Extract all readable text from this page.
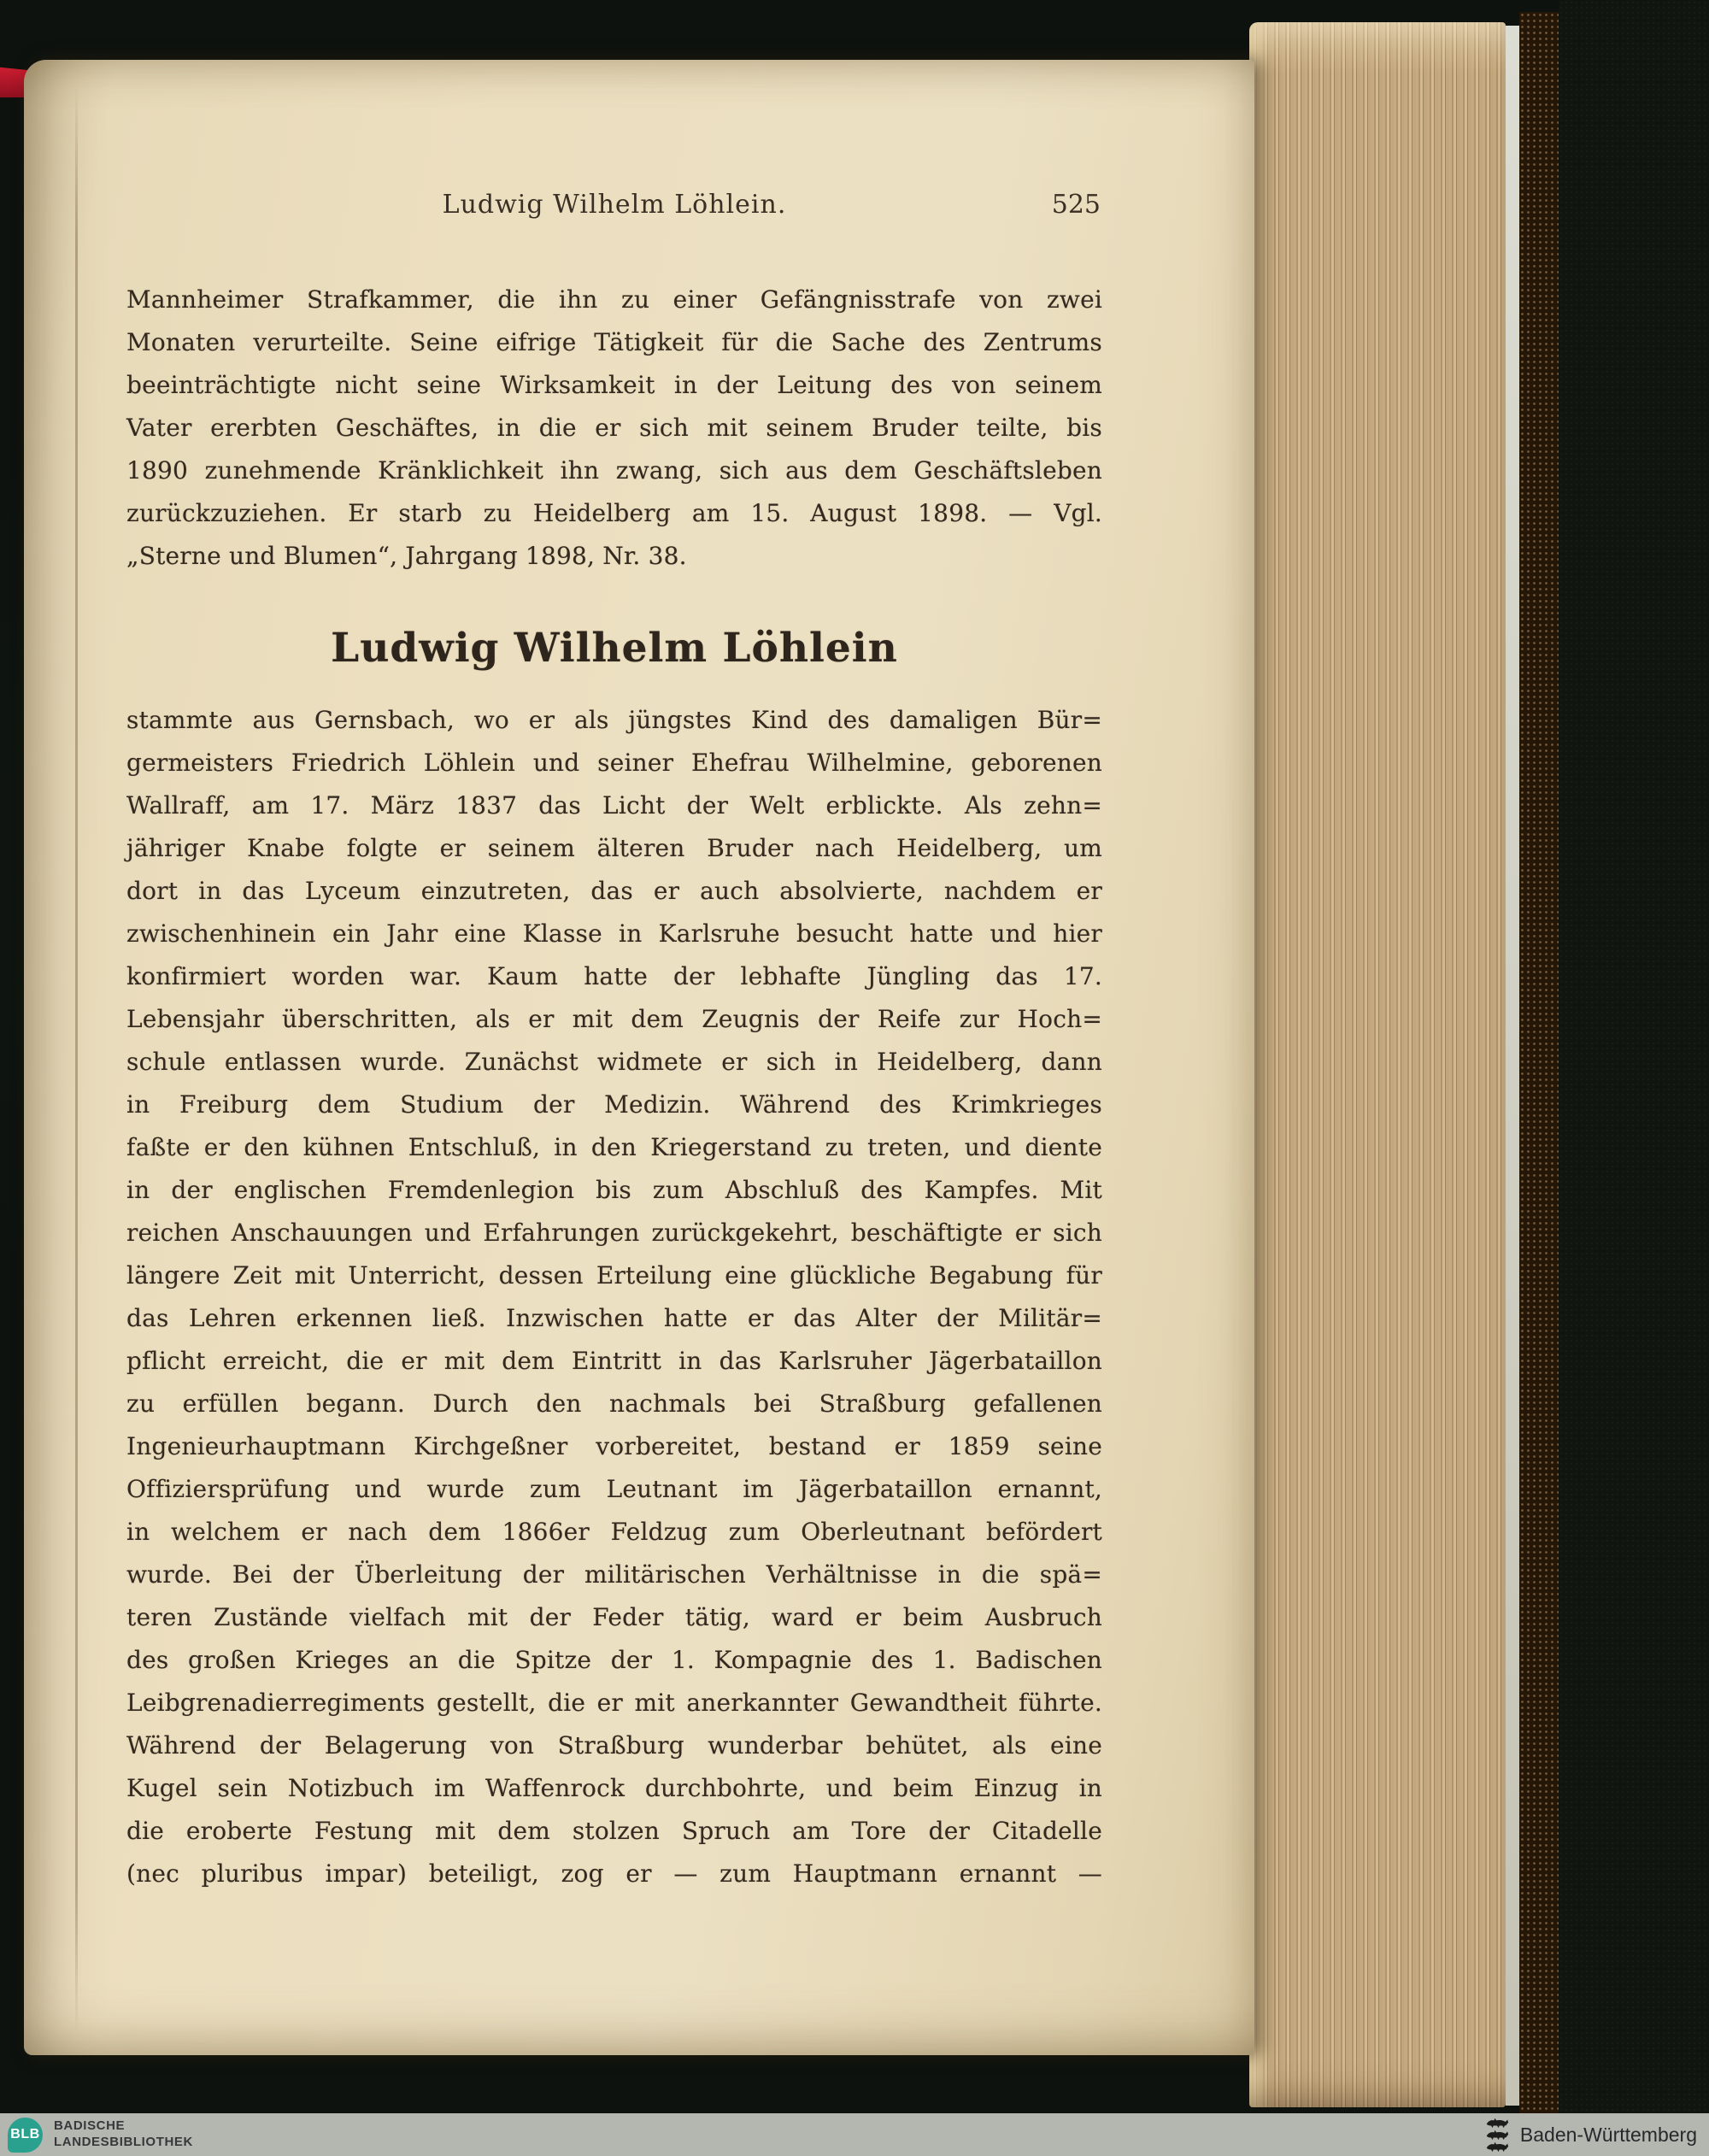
Ludwig Wilhelm Löhlein.	525
Mannheimer Strafkammer, die ihn zu einer Gefängnisstrafe von zwei
Monaten verurteilte. Seine eifrige Tätigkeit für die Sache des Zentrums
beeinträchtigte nicht seine Wirksamkeit in der Leitung des von seinem
Vater ererbten Geschäftes, in die er sich mit seinem Bruder teilte, bis
1890 zunehmende Kränklichkeit ihn zwang, sich aus dem Geschäftsleben
zurückzuziehen. Er starb zu Heidelberg am 15. August 1898. — Vgl.
„Sterne und Blumen“, Jahrgang 1898, Nr. 38.
Ludwig Wilhelm Löhlein
stammte aus Gernsbach, wo er als jüngstes Kind des damaligen Bür=
germeisters Friedrich Löhlein und seiner Ehefrau Wilhelmine, geborenen
Wallraff, am 17. März 1837 das Licht der Welt erblickte. Als zehn=
jähriger Knabe folgte er seinem älteren Bruder nach Heidelberg, um
dort in das Lyceum einzutreten, das er auch absolvierte, nachdem er
zwischenhinein ein Jahr eine Klasse in Karlsruhe besucht hatte und hier
konfirmiert worden war. Kaum hatte der lebhafte Jüngling das 17.
Lebensjahr überschritten, als er mit dem Zeugnis der Reife zur Hoch=
schule entlassen wurde. Zunächst widmete er sich in Heidelberg, dann
in Freiburg dem Studium der Medizin. Während des Krimkrieges
faßte er den kühnen Entschluß, in den Kriegerstand zu treten, und diente
in der englischen Fremdenlegion bis zum Abschluß des Kampfes. Mit
reichen Anschauungen und Erfahrungen zurückgekehrt, beschäftigte er sich
längere Zeit mit Unterricht, dessen Erteilung eine glückliche Begabung für
das Lehren erkennen ließ. Inzwischen hatte er das Alter der Militär=
pflicht erreicht, die er mit dem Eintritt in das Karlsruher Jägerbataillon
zu erfüllen begann. Durch den nachmals bei Straßburg gefallenen
Ingenieurhauptmann Kirchgeßner vorbereitet, bestand er 1859 seine
Offiziersprüfung und wurde zum Leutnant im Jägerbataillon ernannt,
in welchem er nach dem 1866er Feldzug zum Oberleutnant befördert
wurde. Bei der Überleitung der militärischen Verhältnisse in die spä=
teren Zustände vielfach mit der Feder tätig, ward er beim Ausbruch
des großen Krieges an die Spitze der 1. Kompagnie des 1. Badischen
Leibgrenadierregiments gestellt, die er mit anerkannter Gewandtheit führte.
Während der Belagerung von Straßburg wunderbar behütet, als eine
Kugel sein Notizbuch im Waffenrock durchbohrte, und beim Einzug in
die eroberte Festung mit dem stolzen Spruch am Tore der Citadelle
(nec pluribus impar) beteiligt, zog er — zum Hauptmann ernannt —
BLB
BADISCHE
LANDESBIBLIOTHEK	Baden-Württemberg
